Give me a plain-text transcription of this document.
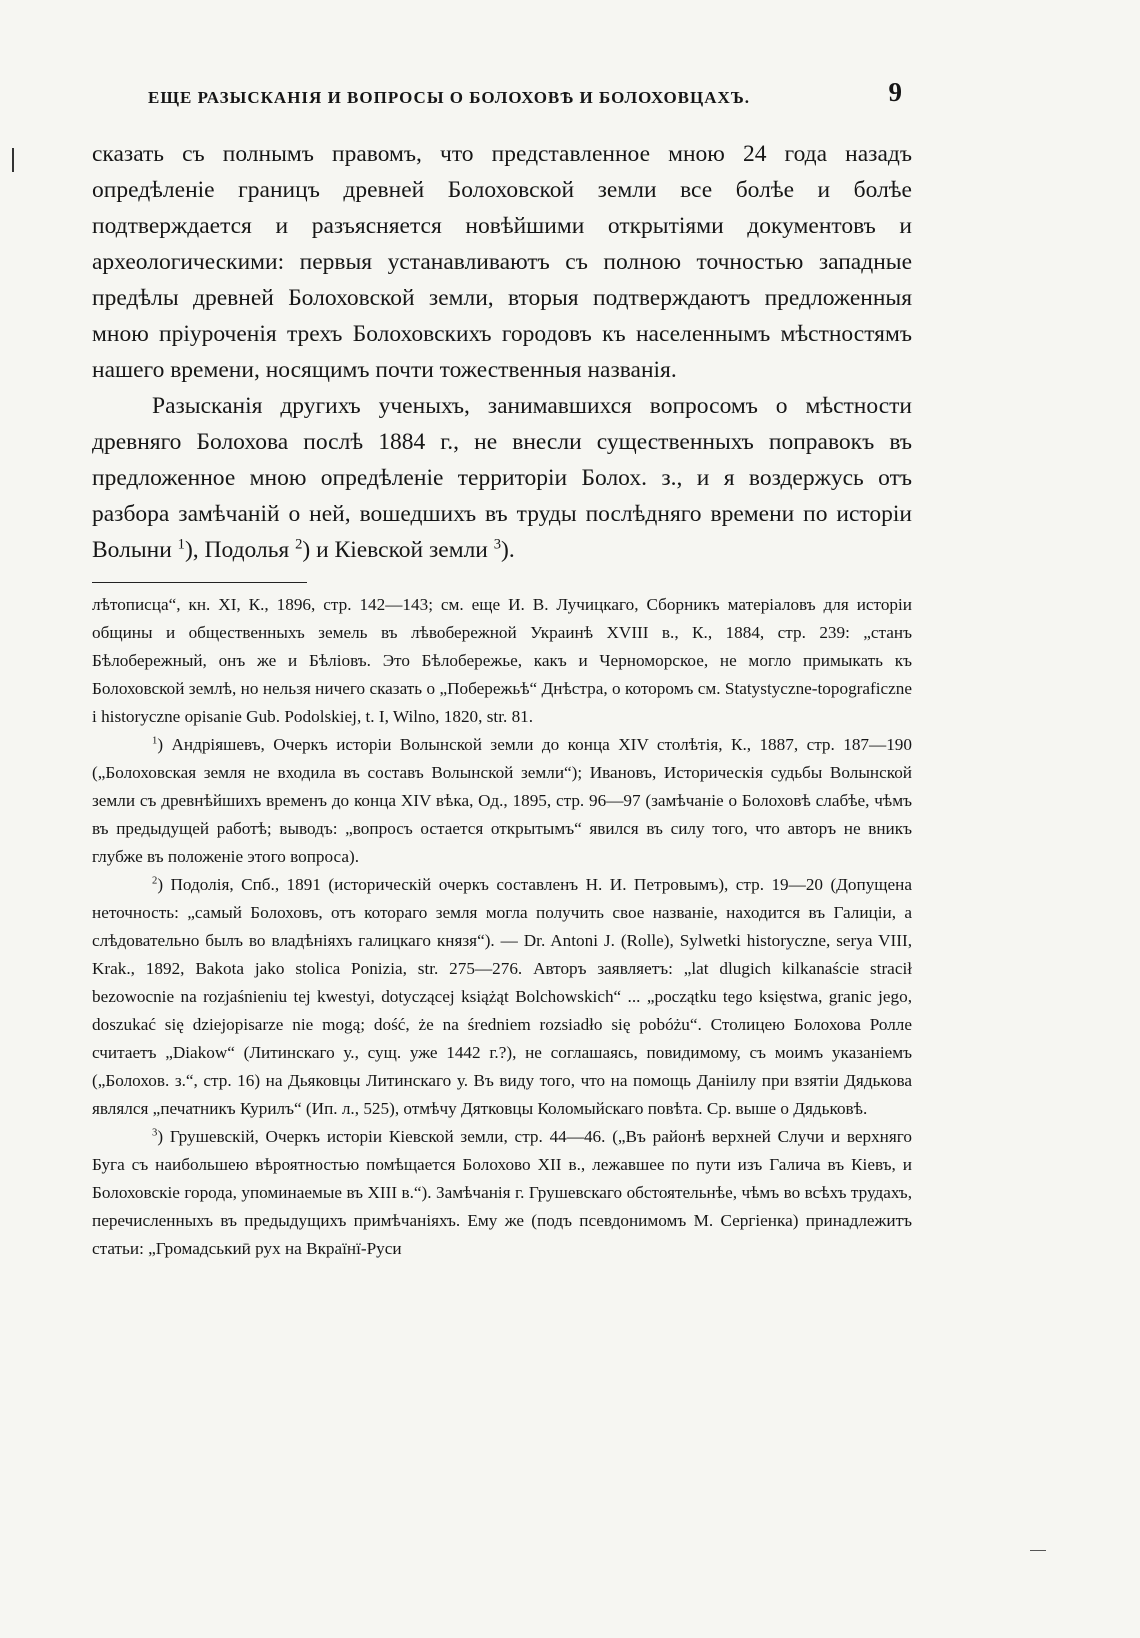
ЕЩЕ РАЗЫСКАНІЯ И ВОПРОСЫ О БОЛОХОВѢ И БОЛОХОВЦАХЪ.	9

сказать съ полнымъ правомъ, что представленное мною 24 года назадъ опредѣленіе границъ древней Болоховской земли все болѣе и болѣе подтверждается и разъясняется новѣйшими открытіями документовъ и археологическими: первыя устанавливаютъ съ полною точностью западные предѣлы древней Болоховской земли, вторыя подтверждаютъ предложенныя мною пріуроченія трехъ Болоховскихъ городовъ къ населеннымъ мѣстностямъ нашего времени, носящимъ почти тожественныя названія.

Разысканія другихъ ученыхъ, занимавшихся вопросомъ о мѣстности древняго Болохова послѣ 1884 г., не внесли существенныхъ поправокъ въ предложенное мною опредѣленіе территоріи Болох. з., и я воздержусь отъ разбора замѣчаній о ней, вошедшихъ въ труды послѣдняго времени по исторіи Волыни $^1$), Подолья $^2$) и Кіевской земли $^3$).

лѣтописца“, кн. XI, К., 1896, стр. 142—143; см. еще И. В. Лучицкаго, Сборникъ матеріаловъ для исторіи общины и общественныхъ земель въ лѣвобережной Украинѣ XVIII в., К., 1884, стр. 239: „станъ Бѣлобережный, онъ же и Бѣліовъ. Это Бѣлобережье, какъ и Черноморское, не могло примыкать къ Болоховской землѣ, но нельзя ничего сказать о „Побережьѣ“ Днѣстра, о которомъ см. Statystyczne-topograficzne i historyczne opisanie Gub. Podolskiej, t. I, Wilno, 1820, str. 81.

$^1$) Андріяшевъ, Очеркъ исторіи Волынской земли до конца XIV столѣтія, К., 1887, стр. 187—190 („Болоховская земля не входила въ составъ Волынской земли“); Ивановъ, Историческія судьбы Волынской земли съ древнѣйшихъ временъ до конца XIV вѣка, Од., 1895, стр. 96—97 (замѣчаніе о Болоховѣ слабѣе, чѣмъ въ предыдущей работѣ; выводъ: „вопросъ остается открытымъ“ явился въ силу того, что авторъ не вникъ глубже въ положеніе этого вопроса).

$^2$) Подолія, Спб., 1891 (историческій очеркъ составленъ Н. И. Петровымъ), стр. 19—20 (Допущена неточность: „самый Болоховъ, отъ котораго земля могла получить свое названіе, находится въ Галиціи, а слѣдовательно былъ во владѣніяхъ галицкаго князя“). — Dr. Antoni J. (Rolle), Sylwetki historyczne, serya VIII, Krak., 1892, Bakota jako stolica Ponizia, str. 275—276. Авторъ заявляетъ: „lat dlugich kilkanaście stracił bezowocnie na rozjaśnieniu tej kwestyi, dotyczącej książąt Bolchowskich“ ... „początku tego księstwa, granic jego, doszukać się dziejopisarze nie mogą; dość, że na średniem rozsiadło się pobóżu“. Столицею Болохова Ролле считаетъ „Diakow“ (Литинскаго у., сущ. уже 1442 г.?), не соглашаясь, повидимому, съ моимъ указаніемъ („Болохов. з.“, стр. 16) на Дьяковцы Литинскаго у. Въ виду того, что на помощь Даніилу при взятіи Дядькова являлся „печатникъ Курилъ“ (Ип. л., 525), отмѣчу Дятковцы Коломыйскаго повѣта. Ср. выше о Дядьковѣ.

$^3$) Грушевскій, Очеркъ исторіи Кіевской земли, стр. 44—46. („Въ районѣ верхней Случи и верхняго Буга съ наибольшею вѣроятностью помѣщается Болохово XII в., лежавшее по пути изъ Галича въ Кіевъ, и Болоховскіе города, упоминаемые въ XIII в.“). Замѣчанія г. Грушевскаго обстоятельнѣе, чѣмъ во всѣхъ трудахъ, перечисленныхъ въ предыдущихъ примѣчаніяхъ. Ему же (подъ псевдонимомъ М. Сергіенка) принадлежитъ статьи: „Громадськиӣ рух на Вкраїнї-Руси
